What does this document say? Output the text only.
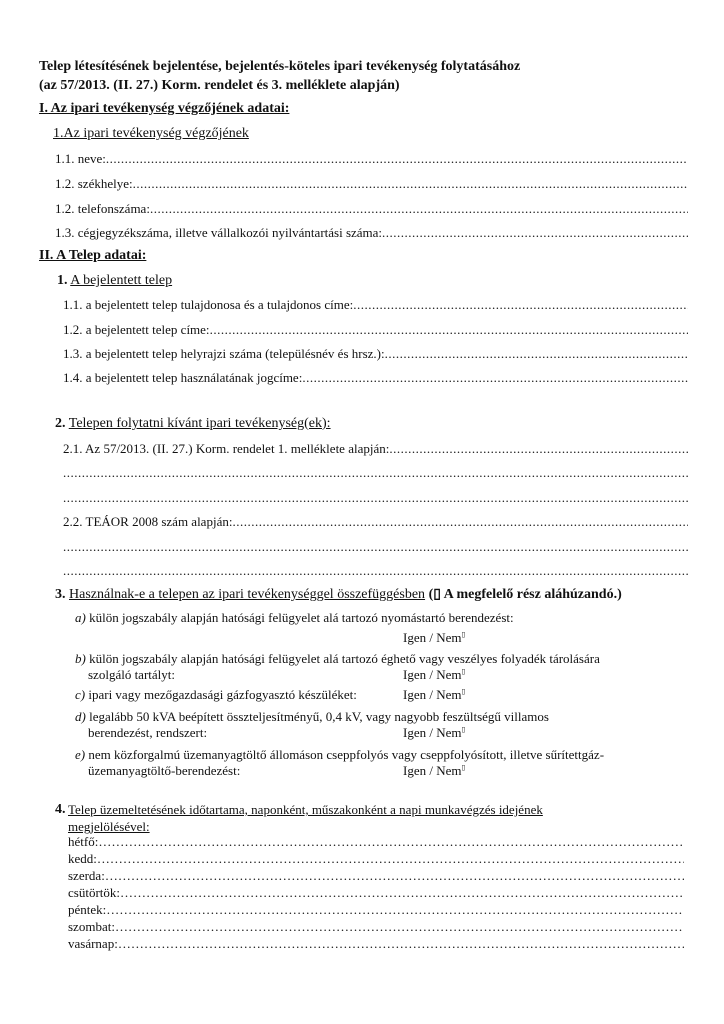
Telep létesítésének bejelentése, bejelentés-köteles ipari tevékenység folytatásához
(az 57/2013. (II. 27.) Korm. rendelet és 3. melléklete alapján)
I. Az ipari tevékenység végzőjének adatai:
1.Az ipari tevékenység végzőjének
1.1. neve:
.....
1.2. székhelye:
.....
1.2. telefonszáma:
.....
1.3. cégjegyzékszáma, illetve vállalkozói nyilvántartási száma:
.....
II. A Telep adatai:
1. A bejelentett telep
1.1. a bejelentett telep tulajdonosa és a tulajdonos címe:
.....
1.2. a bejelentett telep címe:
.....
1.3. a bejelentett telep helyrajzi száma (településnév és hrsz.):
.....
1.4. a bejelentett telep használatának jogcíme:
.....
2. Telepen folytatni kívánt ipari tevékenység(ek):
2.1. Az 57/2013. (II. 27.) Korm. rendelet 1. melléklete alapján:
.....
.....
.....
2.2. TEÁOR 2008 szám alapján:
.....
.....
.....
3. Használnak-e a telepen az ipari tevékenységgel összefüggésben (▯ A megfelelő rész aláhúzandó.)
a) külön jogszabály alapján hatósági felügyelet alá tartozó nyomástartó berendezést:
Igen / Nem▯
b) külön jogszabály alapján hatósági felügyelet alá tartozó éghető vagy veszélyes folyadék tárolására
szolgáló tartályt:	Igen / Nem▯
c) ipari vagy mezőgazdasági gázfogyasztó készüléket:	Igen / Nem▯
d) legalább 50 kVA beépített összteljesítményű, 0,4 kV, vagy nagyobb feszültségű villamos
berendezést, rendszert:	Igen / Nem▯
e) nem közforgalmú üzemanyagtöltő állomáson cseppfolyós vagy cseppfolyósított, illetve sűrítettgáz-
üzemanyagtöltő-berendezést:	Igen / Nem▯
4. Telep üzemeltetésének időtartama, naponként, műszakonként a napi munkavégzés idejének
megjelölésével:
hétfő:
……………………………………………………………………………………………………………………………………………………………………………………………………
kedd:
……………………………………………………………………………………………………………………………………………………………………………………………………
szerda:
……………………………………………………………………………………………………………………………………………………………………………………………………
csütörtök:
……………………………………………………………………………………………………………………………………………………………………………………………………
péntek:
……………………………………………………………………………………………………………………………………………………………………………………………………
szombat:
……………………………………………………………………………………………………………………………………………………………………………………………………
vasárnap:
……………………………………………………………………………………………………………………………………………………………………………………………………
